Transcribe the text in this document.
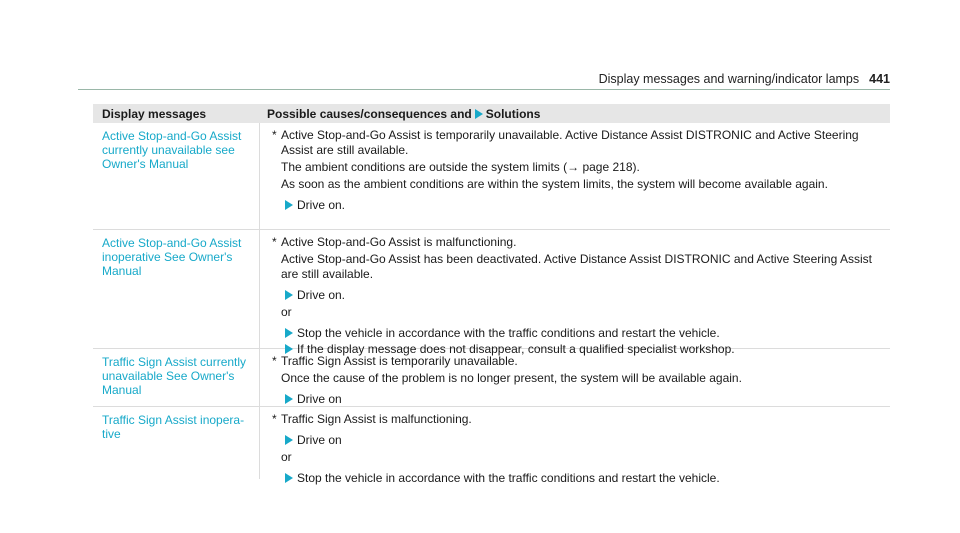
Display messages and warning/indicator lamps 441
Display messages	Possible causes/consequences and Solutions
Active Stop-and-Go Assist currently unavailable see Owner's Manual
* Active Stop-and-Go Assist is temporarily unavailable. Active Distance Assist DISTRONIC and Active Steering Assist are still available.
The ambient conditions are outside the system limits (→ page 218).
As soon as the ambient conditions are within the system limits, the system will become available again.
Drive on.
Active Stop-and-Go Assist inoperative See Owner's Manual
* Active Stop-and-Go Assist is malfunctioning.
Active Stop-and-Go Assist has been deactivated. Active Distance Assist DISTRONIC and Active Steering Assist are still available.
Drive on.
or
Stop the vehicle in accordance with the traffic conditions and restart the vehicle.
If the display message does not disappear, consult a qualified specialist workshop.
Traffic Sign Assist currently unavailable See Owner's Manual
* Traffic Sign Assist is temporarily unavailable.
Once the cause of the problem is no longer present, the system will be available again.
Drive on
Traffic Sign Assist inopera-tive
* Traffic Sign Assist is malfunctioning.
Drive on
or
Stop the vehicle in accordance with the traffic conditions and restart the vehicle.
